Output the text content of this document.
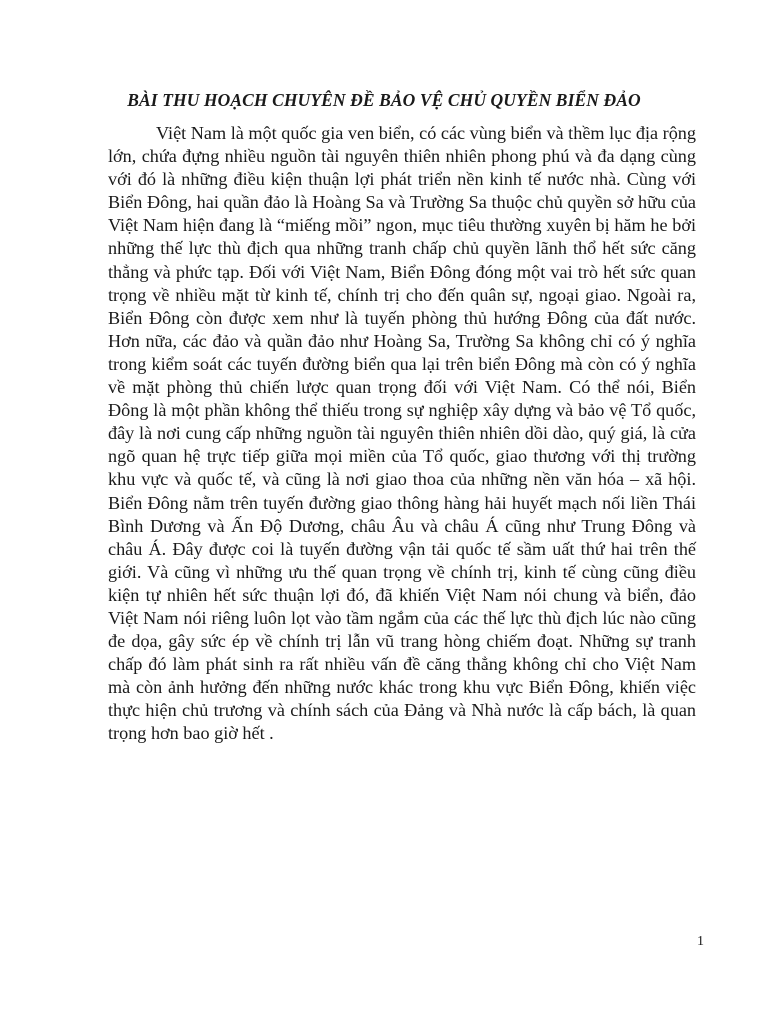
BÀI THU HOẠCH CHUYÊN ĐỀ BẢO VỆ CHỦ QUYỀN BIỂN ĐẢO

Việt Nam là một quốc gia ven biển, có các vùng biển và thềm lục địa rộng lớn, chứa đựng nhiều nguồn tài nguyên thiên nhiên phong phú và đa dạng cùng với đó là những điều kiện thuận lợi phát triển nền kinh tế nước nhà. Cùng với Biển Đông, hai quần đảo là Hoàng Sa và Trường Sa thuộc chủ quyền sở hữu của Việt Nam hiện đang là “miếng mồi” ngon, mục tiêu thường xuyên bị hăm he bởi những thế lực thù địch qua những tranh chấp chủ quyền lãnh thổ hết sức căng thẳng và phức tạp. Đối với Việt Nam, Biển Đông đóng một vai trò hết sức quan trọng về nhiều mặt từ kinh tế, chính trị cho đến quân sự, ngoại giao. Ngoài ra, Biển Đông còn được xem như là tuyến phòng thủ hướng Đông của đất nước. Hơn nữa, các đảo và quần đảo như Hoàng Sa, Trường Sa không chỉ có ý nghĩa trong kiểm soát các tuyến đường biển qua lại trên biển Đông mà còn có ý nghĩa về mặt phòng thủ chiến lược quan trọng đối với Việt Nam. Có thể nói, Biển Đông là một phần không thể thiếu trong sự nghiệp xây dựng và bảo vệ Tổ quốc, đây là nơi cung cấp những nguồn tài nguyên thiên nhiên dồi dào, quý giá, là cửa ngõ quan hệ trực tiếp giữa mọi miền của Tổ quốc, giao thương với thị trường khu vực và quốc tế, và cũng là nơi giao thoa của những nền văn hóa – xã hội. Biển Đông nằm trên tuyến đường giao thông hàng hải huyết mạch nối liền Thái Bình Dương và Ấn Độ Dương, châu Âu và châu Á cũng như Trung Đông và châu Á. Đây được coi là tuyến đường vận tải quốc tế sầm uất thứ hai trên thế giới. Và cũng vì những ưu thế quan trọng về chính trị, kinh tế cùng cũng điều kiện tự nhiên hết sức thuận lợi đó, đã khiến Việt Nam nói chung và biển, đảo Việt Nam nói riêng luôn lọt vào tầm ngắm của các thế lực thù địch lúc nào cũng đe dọa, gây sức ép về chính trị lẫn vũ trang hòng chiếm đoạt. Những sự tranh chấp đó làm phát sinh ra rất nhiều vấn đề căng thẳng không chỉ cho Việt Nam mà còn ảnh hưởng đến những nước khác trong khu vực Biển Đông, khiến việc thực hiện chủ trương và chính sách của Đảng và Nhà nước là cấp bách, là quan trọng hơn bao giờ hết .

1
